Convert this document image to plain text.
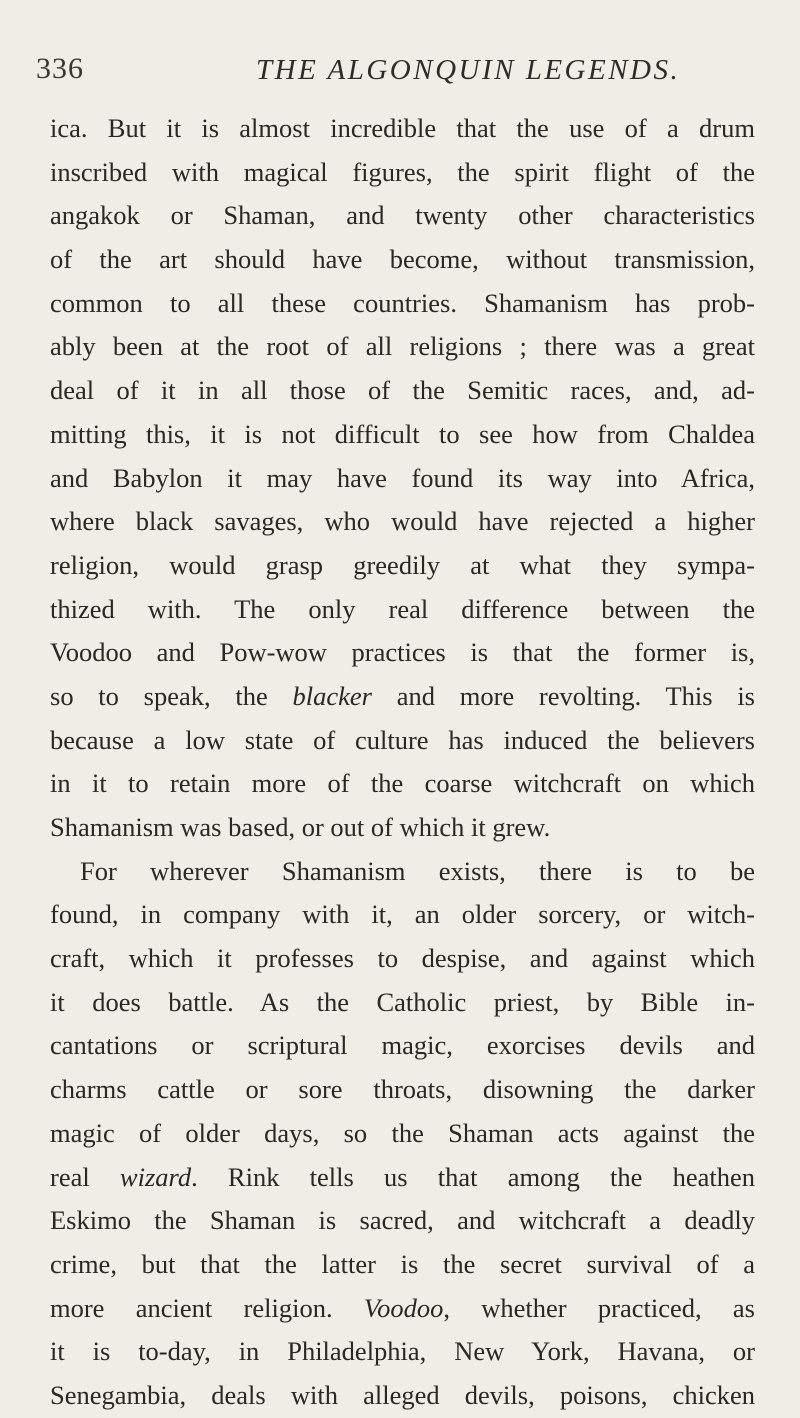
336	THE ALGONQUIN LEGENDS.
ica. But it is almost incredible that the use of a drum
inscribed with magical figures, the spirit flight of the
angakok or Shaman, and twenty other characteristics
of the art should have become, without transmission,
common to all these countries. Shamanism has prob-
ably been at the root of all religions ; there was a great
deal of it in all those of the Semitic races, and, ad-
mitting this, it is not difficult to see how from Chaldea
and Babylon it may have found its way into Africa,
where black savages, who would have rejected a higher
religion, would grasp greedily at what they sympa-
thized with. The only real difference between the
Voodoo and Pow-wow practices is that the former is,
so to speak, the blacker and more revolting. This is
because a low state of culture has induced the believers
in it to retain more of the coarse witchcraft on which
Shamanism was based, or out of which it grew.
For wherever Shamanism exists, there is to be
found, in company with it, an older sorcery, or witch-
craft, which it professes to despise, and against which
it does battle. As the Catholic priest, by Bible in-
cantations or scriptural magic, exorcises devils and
charms cattle or sore throats, disowning the darker
magic of older days, so the Shaman acts against the
real wizard. Rink tells us that among the heathen
Eskimo the Shaman is sacred, and witchcraft a deadly
crime, but that the latter is the secret survival of a
more ancient religion. Voodoo, whether practiced, as
it is to-day, in Philadelphia, New York, Havana, or
Senegambia, deals with alleged devils, poisons, chicken
